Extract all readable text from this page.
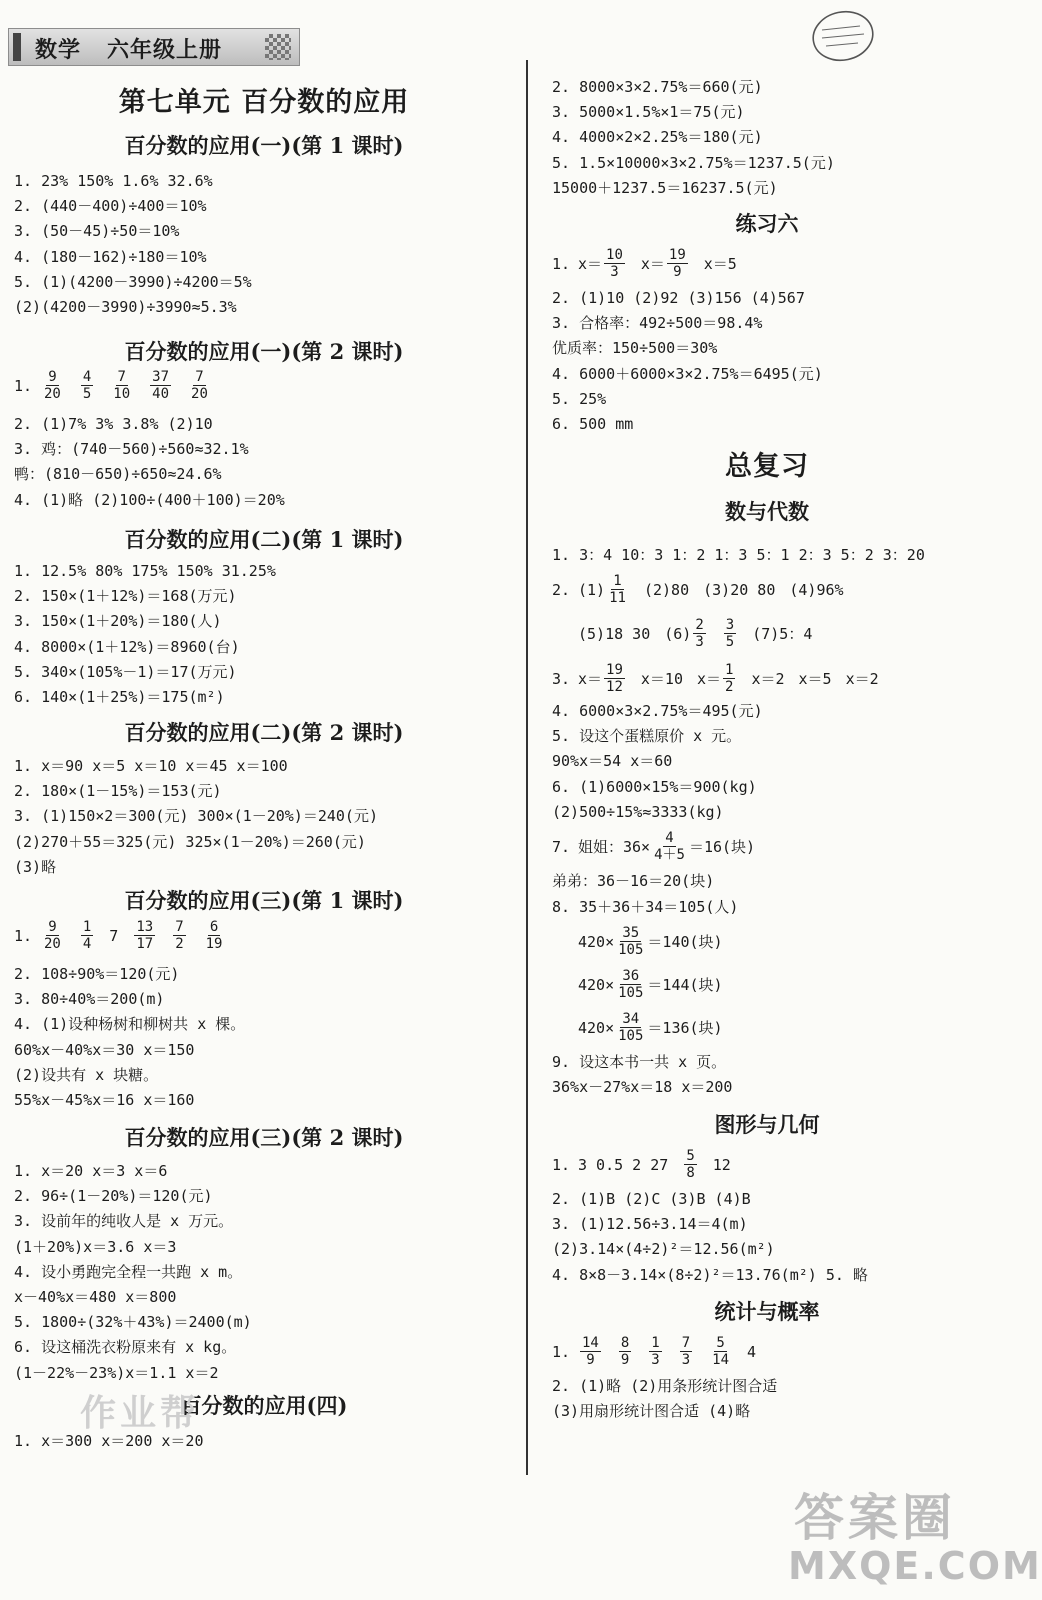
数学   六年级上册
第七单元 百分数的应用
百分数的应用(一)(第 1 课时)
1. 23% 150% 1.6% 32.6%
2. (440－400)÷400＝10%
3. (50－45)÷50＝10%
4. (180－162)÷180＝10%
5. (1)(4200－3990)÷4200＝5%
(2)(4200－3990)÷3990≈5.3%
百分数的应用(一)(第 2 课时)
1. $\frac{9}{20} \frac{4}{5} \frac{7}{10} \frac{37}{40} \frac{7}{20}$
2. (1)7% 3% 3.8% (2)10
3. 鸡：(740－560)÷560≈32.1%
鸭：(810－650)÷650≈24.6%
4. (1)略 (2)100÷(400＋100)＝20%
百分数的应用(二)(第 1 课时)
1. 12.5% 80% 175% 150% 31.25%
2. 150×(1＋12%)＝168(万元)
3. 150×(1＋20%)＝180(人)
4. 8000×(1＋12%)＝8960(台)
5. 340×(105%－1)＝17(万元)
6. 140×(1＋25%)＝175(m²)
百分数的应用(二)(第 2 课时)
1. x＝90 x＝5 x＝10 x＝45 x＝100
2. 180×(1－15%)＝153(元)
3. (1)150×2＝300(元) 300×(1－20%)＝240(元)
(2)270＋55＝325(元) 325×(1－20%)＝260(元)
(3)略
百分数的应用(三)(第 1 课时)
1. $\frac{9}{20} \frac{1}{4} 7 \frac{13}{17} \frac{7}{2} \frac{6}{19}$
2. 108÷90%＝120(元)
3. 80÷40%＝200(m)
4. (1)设种杨树和柳树共 x 棵。
60%x－40%x＝30 x＝150
(2)设共有 x 块糖。
55%x－45%x＝16 x＝160
百分数的应用(三)(第 2 课时)
1. x＝20 x＝3 x＝6
2. 96÷(1－20%)＝120(元)
3. 设前年的纯收人是 x 万元。
(1＋20%)x＝3.6 x＝3
4. 设小勇跑完全程一共跑 x m。
x－40%x＝480 x＝800
5. 1800÷(32%＋43%)＝2400(m)
6. 设这桶洗衣粉原来有 x kg。
(1－22%－23%)x＝1.1 x＝2
百分数的应用(四)
1. x＝300 x＝200 x＝20
2. 8000×3×2.75%＝660(元)
3. 5000×1.5%×1＝75(元)
4. 4000×2×2.25%＝180(元)
5. 1.5×10000×3×2.75%＝1237.5(元)
15000＋1237.5＝16237.5(元)
练习六
1. $x= \frac{10}{3} x= \frac{19}{9} x=5$
2. (1)10 (2)92 (3)156 (4)567
3. 合格率：492÷500＝98.4%
优质率：150÷500＝30%
4. 6000＋6000×3×2.75%＝6495(元)
5. 25%
6. 500 mm
总复习
数与代数
1. 3：4 10：3 1：2 1：3 5：1 2：3 5：2 3：20
2. $(1) \frac{1}{11} (2)80$ (3)20 80 (4)96%
(5)18 30 $(6) \frac{2}{3} \frac{3}{5} (7)5$：4
3. $x= \frac{19}{12} x=10$ $x= \frac{1}{2} x=2$ x＝5 x＝2
4. 6000×3×2.75%＝495(元)
5. 设这个蛋糕原价 x 元。
90%x＝54 x＝60
6. (1)6000×15%＝900(kg)
(2)500÷15%≈3333(kg)
7. 姐姐：$36\times \frac{4}{4+5} =16$(块)
弟弟：36－16＝20(块)
8. 35＋36＋34＝105(人)
$420\times \frac{35}{105} =140$(块)
$420\times \frac{36}{105} =144$(块)
$420\times \frac{34}{105} =136$(块)
9. 设这本书一共 x 页。
36%x－27%x＝18 x＝200
图形与几何
1. 3 0.5 2 $27 \frac{5}{8} 12$
2. (1)B (2)C (3)B (4)B
3. (1)12.56÷3.14＝4(m)
(2)3.14×(4÷2)²＝12.56(m²)
4. 8×8－3.14×(8÷2)²＝13.76(m²) 5. 略
统计与概率
1. $\frac{14}{9} \frac{8}{9} \frac{1}{3} \frac{7}{3} \frac{5}{14} 4$
2. (1)略 (2)用条形统计图合适
(3)用扇形统计图合适 (4)略
作业帮
答案圈
MXQE.COM
